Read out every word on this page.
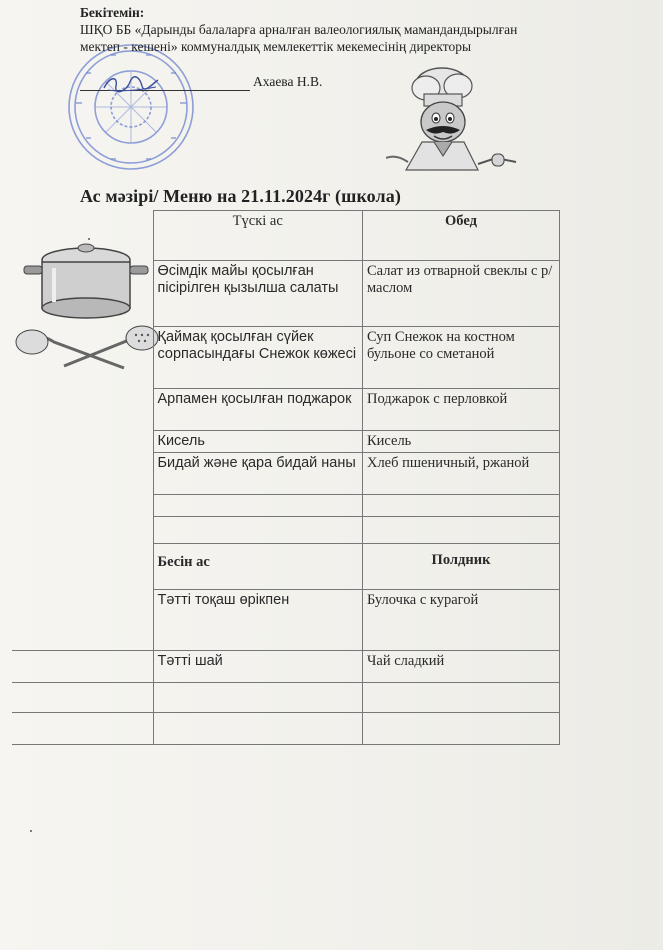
Бекітемін:
ШҚО ББ «Дарынды балаларға арналған валеологиялық мамандандырылған
мектеп - кешені» коммуналдық мемлекеттік мекемесінің директоры
Ахаева Н.В.
Ас мәзірі/ Меню на 21.11.2024г (школа)
	Түскі ас	Обед
	Өсімдік майы қосылған пісірілген қызылша салаты	Салат из отварной свеклы с р/маслом
	Қаймақ қосылған сүйек сорпасындағы Снежок көжесі	Суп Снежок на костном бульоне со сметаной
	Арпамен қосылған поджарок	Поджарок с перловкой
	Кисель	Кисель
	Бидай және қара бидай наны	Хлеб пшеничный, ржаной

	Бесін ас	Полдник
	Тәтті тоқаш өрікпен	Булочка с курагой
	Тәтті шай	Чай сладкий
